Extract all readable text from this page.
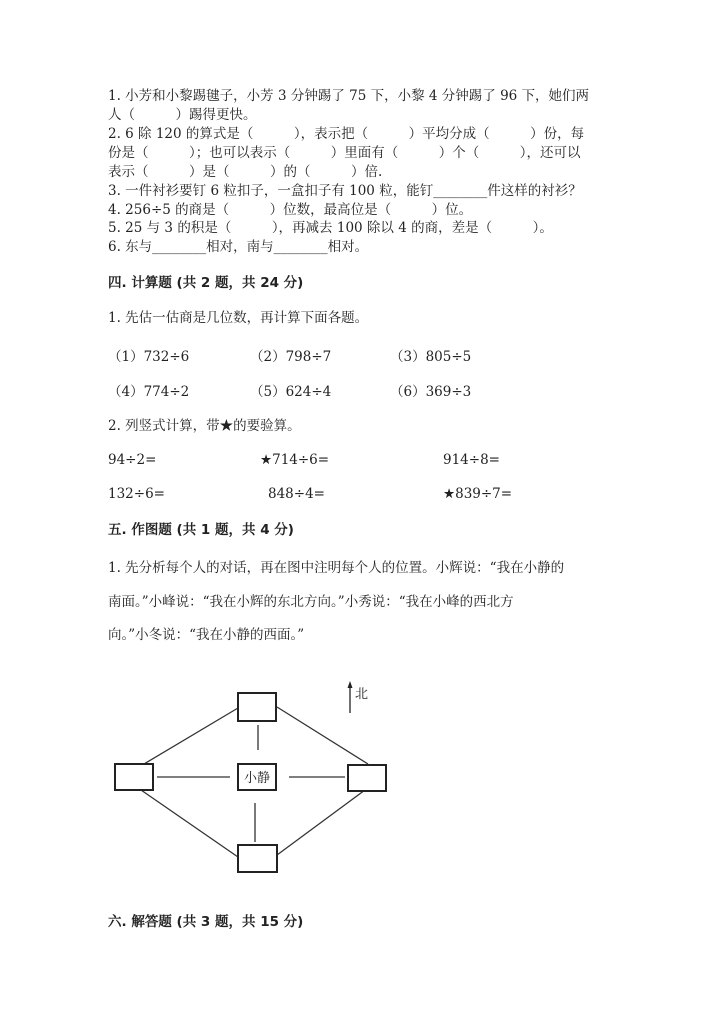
1. 小芳和小黎踢毽子，小芳 3 分钟踢了 75 下，小黎 4 分钟踢了 96 下，她们两
人（　　　）踢得更快。
2. 6 除 120 的算式是（　　　），表示把（　　　）平均分成（　　　）份，每
份是（　　　）；也可以表示（　　　）里面有（　　　）个（　　　），还可以
表示（　　　）是（　　　）的（　　　）倍.
3. 一件衬衫要钉 6 粒扣子，一盒扣子有 100 粒，能钉________件这样的衬衫？
4. 256÷5 的商是（　　　）位数，最高位是（　　　）位。
5. 25 与 3 的积是（　　　），再减去 100 除以 4 的商，差是（　　　）。
6. 东与________相对，南与________相对。
四. 计算题 (共 2 题，共 24 分)
1. 先估一估商是几位数，再计算下面各题。
（1）732÷6	（2）798÷7	（3）805÷5
（4）774÷2	（5）624÷4	（6）369÷3
2. 列竖式计算，带★的要验算。
94÷2=	★714÷6=	914÷8=
132÷6=	848÷4=	★839÷7=
五. 作图题 (共 1 题，共 4 分)
1. 先分析每个人的对话，再在图中注明每个人的位置。小辉说：“我在小静的
南面。”小峰说：“我在小辉的东北方向。”小秀说：“我在小峰的西北方
向。”小冬说：“我在小静的西面。”
小静
北
六. 解答题 (共 3 题，共 15 分)
